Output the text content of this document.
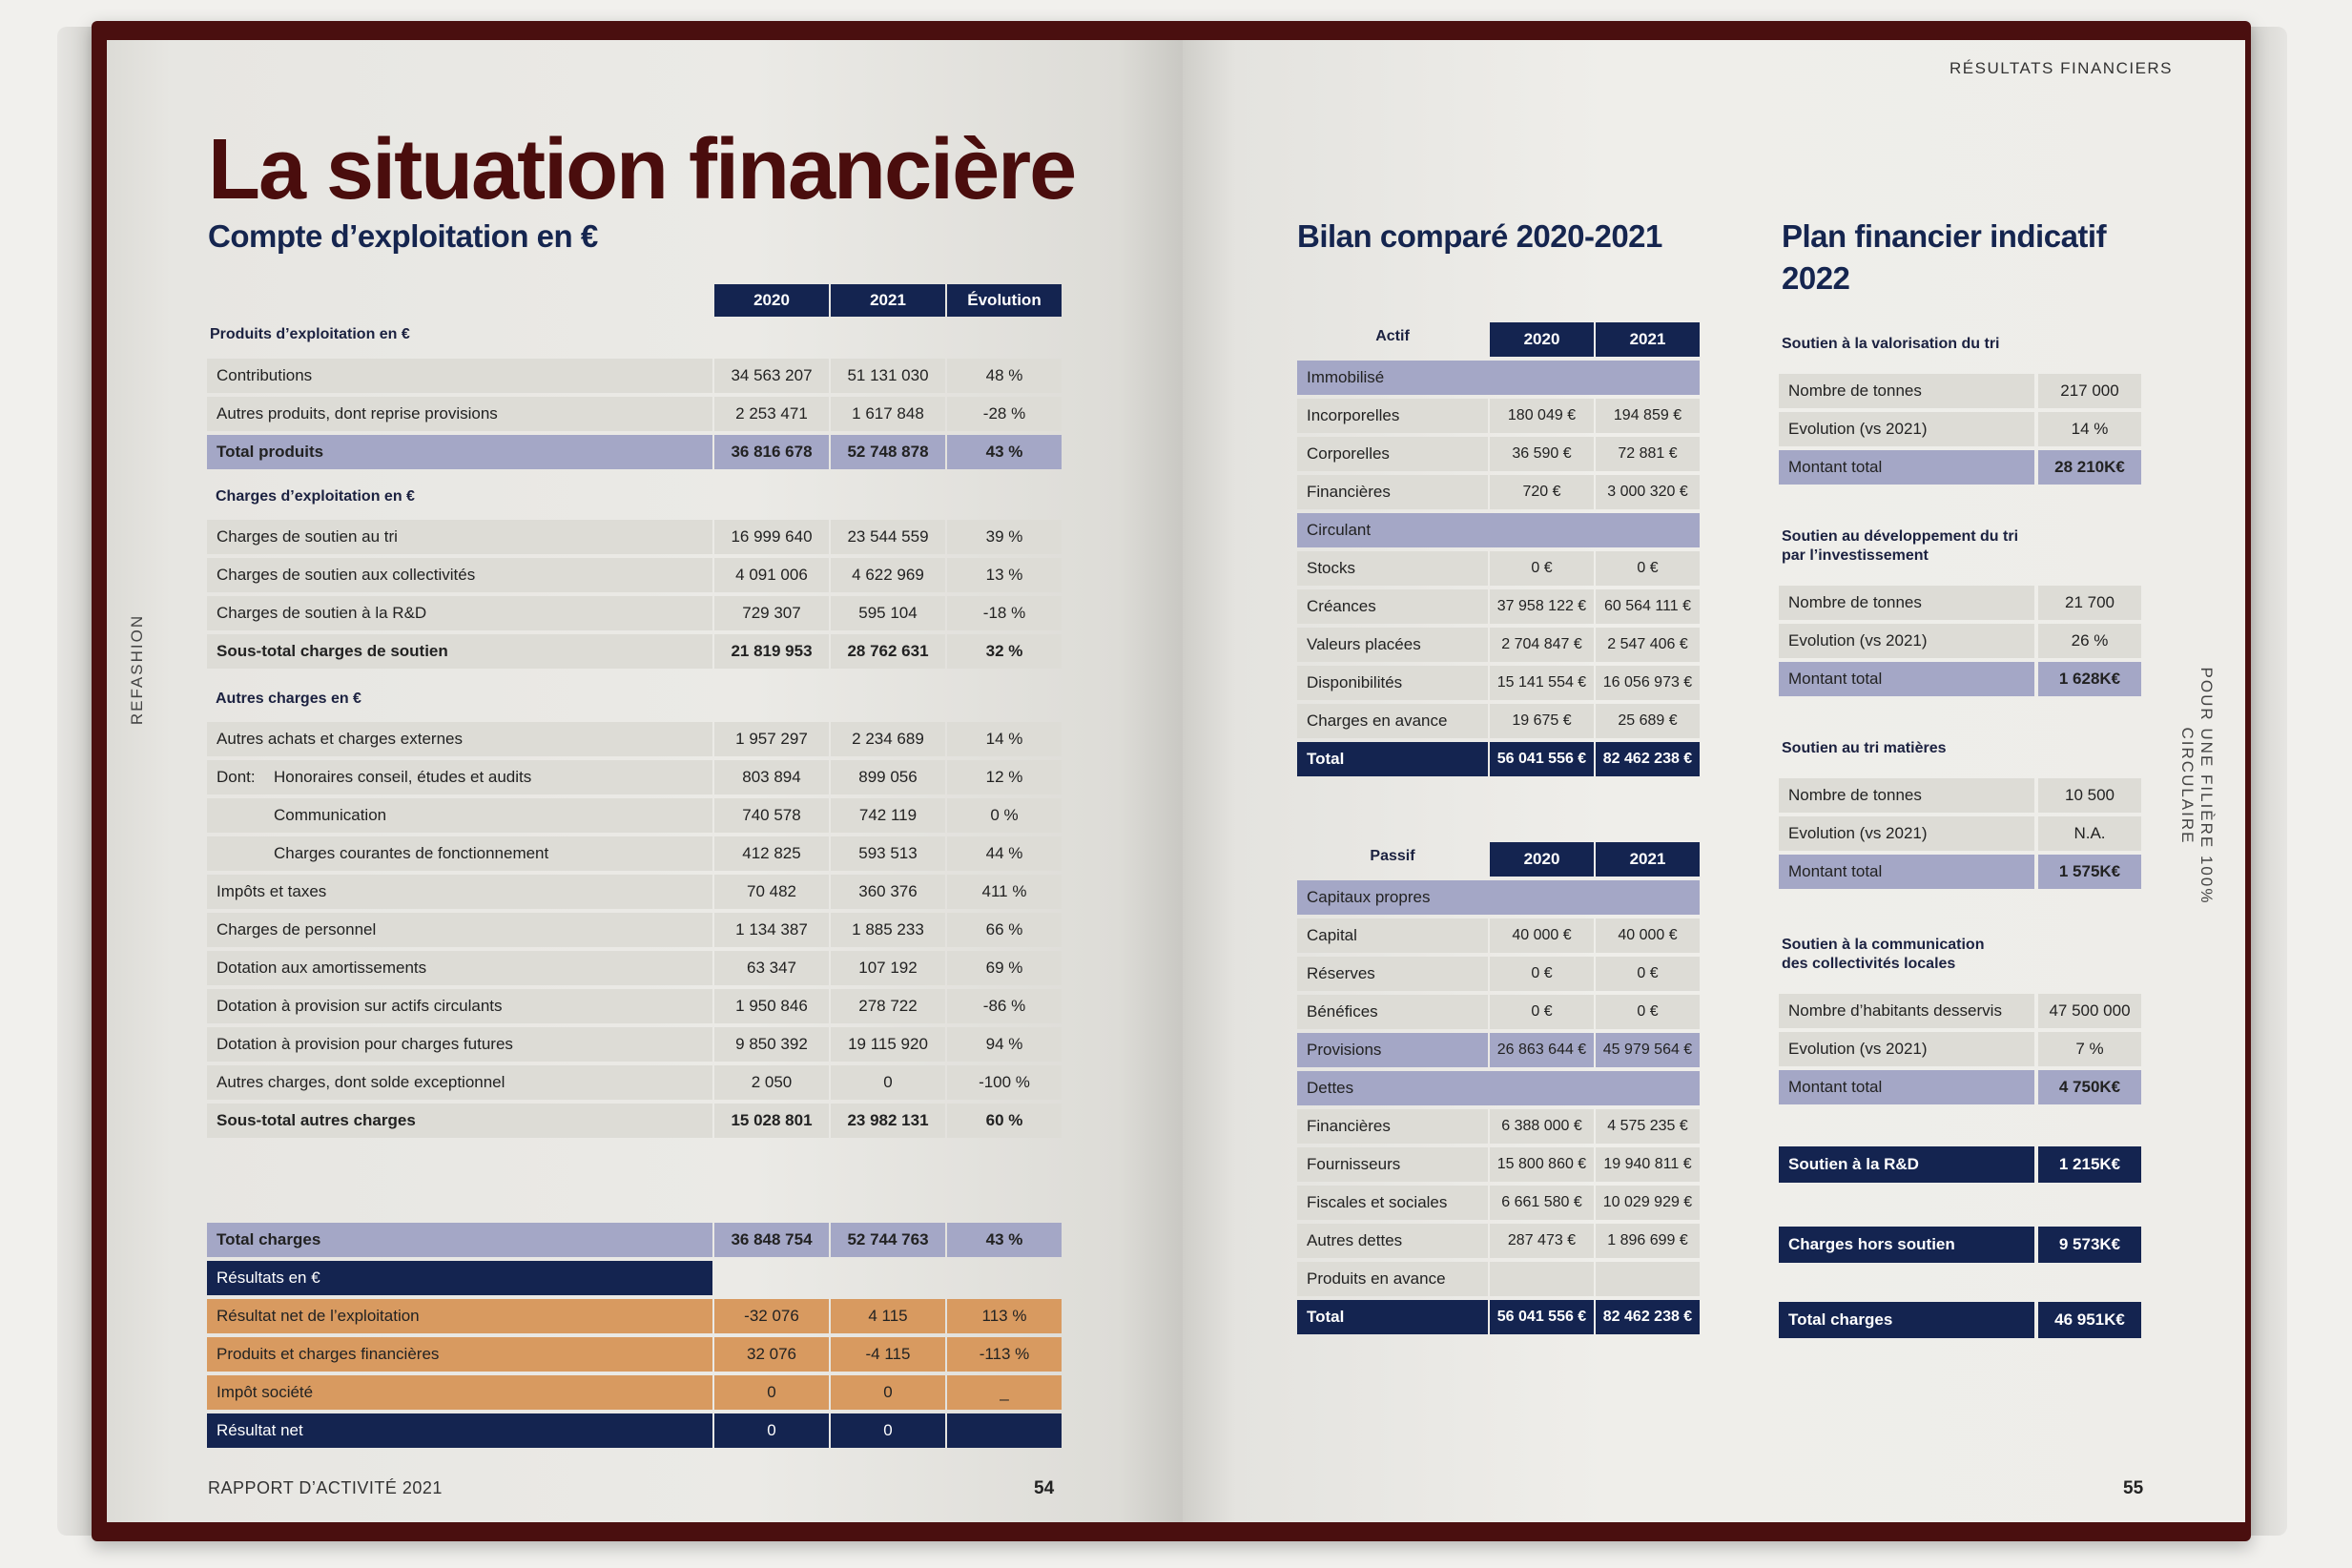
La situation financière
Compte d’exploitation en €
REFASHION
RAPPORT D’ACTIVITÉ 2021	54
2020	2021	Évolution
Produits d’exploitation en €
Contributions	34 563 207	51 131 030	48 %
Autres produits, dont reprise provisions	2 253 471	1 617 848	-28 %
Total produits	36 816 678	52 748 878	43 %
Charges d’exploitation en €
Charges de soutien au tri	16 999 640	23 544 559	39 %
Charges de soutien aux collectivités	4 091 006	4 622 969	13 %
Charges de soutien à la R&D	729 307	595 104	-18 %
Sous-total charges de soutien	21 819 953	28 762 631	32 %
Autres charges en €
Autres achats et charges externes	1 957 297	2 234 689	14 %
Dont: Honoraires conseil, études et audits	803 894	899 056	12 %
Communication	740 578	742 119	0 %
Charges courantes de fonctionnement	412 825	593 513	44 %
Impôts et taxes	70 482	360 376	411 %
Charges de personnel	1 134 387	1 885 233	66 %
Dotation aux amortissements	63 347	107 192	69 %
Dotation à provision sur actifs circulants	1 950 846	278 722	-86 %
Dotation à provision pour charges futures	9 850 392	19 115 920	94 %
Autres charges, dont solde exceptionnel	2 050	0	-100 %
Sous-total autres charges	15 028 801	23 982 131	60 %
Total charges	36 848 754	52 744 763	43 %
Résultats en €
Résultat net de l’exploitation	-32 076	4 115	113 %
Produits et charges financières	32 076	-4 115	-113 %
Impôt société	0	0	_
Résultat net	0	0
RÉSULTATS FINANCIERS
POUR UNE FILIÈRE 100% CIRCULAIRE
Bilan comparé 2020-2021	Plan financier indicatif
2022
55
Actif	2020	2021
Immobilisé
Incorporelles	180 049 €	194 859 €
Corporelles	36 590 €	72 881 €
Financières	720 €	3 000 320 €
Circulant
Stocks	0 €	0 €
Créances	37 958 122 €	60 564 111 €
Valeurs placées	2 704 847 €	2 547 406 €
Disponibilités	15 141 554 €	16 056 973 €
Charges en avance	19 675 €	25 689 €
Total	56 041 556 €	82 462 238 €
Passif	2020	2021
Capitaux propres
Capital	40 000 €	40 000 €
Réserves	0 €	0 €
Bénéfices	0 €	0 €
Provisions	26 863 644 €	45 979 564 €
Dettes
Financières	6 388 000 €	4 575 235 €
Fournisseurs	15 800 860 €	19 940 811 €
Fiscales et sociales	6 661 580 €	10 029 929 €
Autres dettes	287 473 €	1 896 699 €
Produits en avance
Total	56 041 556 €	82 462 238 €
Soutien à la valorisation du tri
Nombre de tonnes	217 000
Evolution (vs 2021)	14 %
Montant total	28 210K€
Soutien au développement du tri
par l’investissement
Nombre de tonnes	21 700
Evolution (vs 2021)	26 %
Montant total	1 628K€
Soutien au tri matières
Nombre de tonnes	10 500
Evolution (vs 2021)	N.A.
Montant total	1 575K€
Soutien à la communication
des collectivités locales
Nombre d’habitants desservis	47 500 000
Evolution (vs 2021)	7 %
Montant total	4 750K€
Soutien à la R&D	1 215K€
Charges hors soutien	9 573K€
Total charges	46 951K€
